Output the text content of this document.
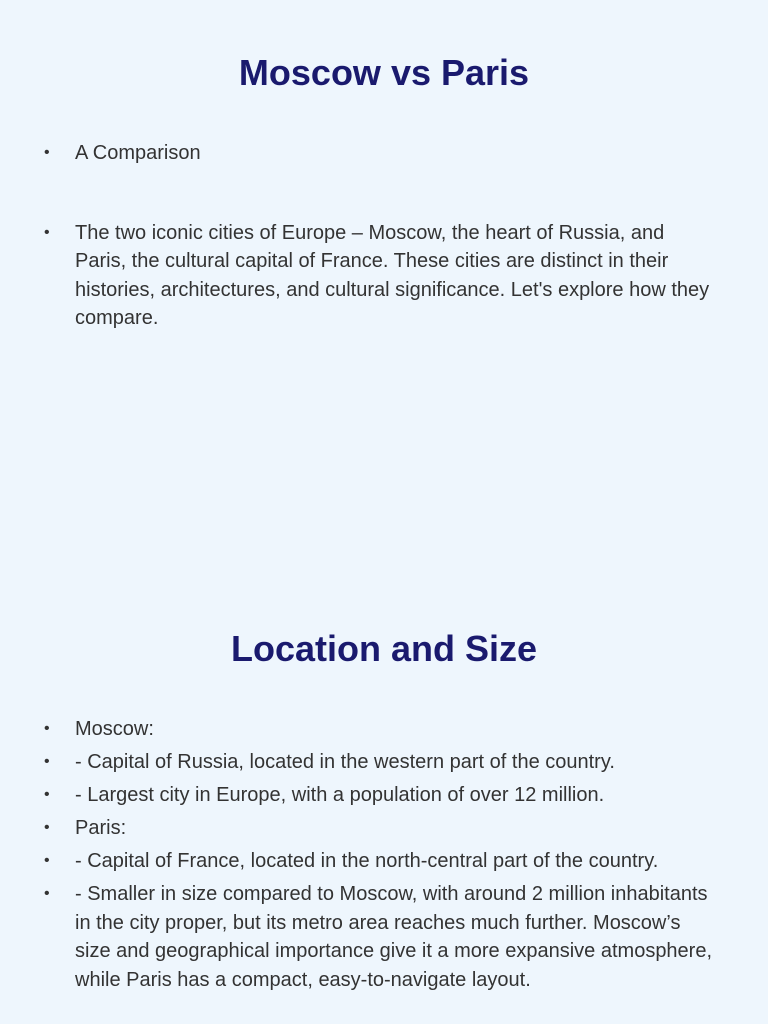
Moscow vs Paris
• A Comparison
• The two iconic cities of Europe – Moscow, the heart of Russia, and Paris, the cultural capital of France. These cities are distinct in their histories, architectures, and cultural significance. Let's explore how they compare.
Location and Size
• Moscow:
• - Capital of Russia, located in the western part of the country.
• - Largest city in Europe, with a population of over 12 million.
• Paris:
• - Capital of France, located in the north-central part of the country.
• - Smaller in size compared to Moscow, with around 2 million inhabitants in the city proper, but its metro area reaches much further. Moscow’s size and geographical importance give it a more expansive atmosphere, while Paris has a compact, easy-to-navigate layout.
